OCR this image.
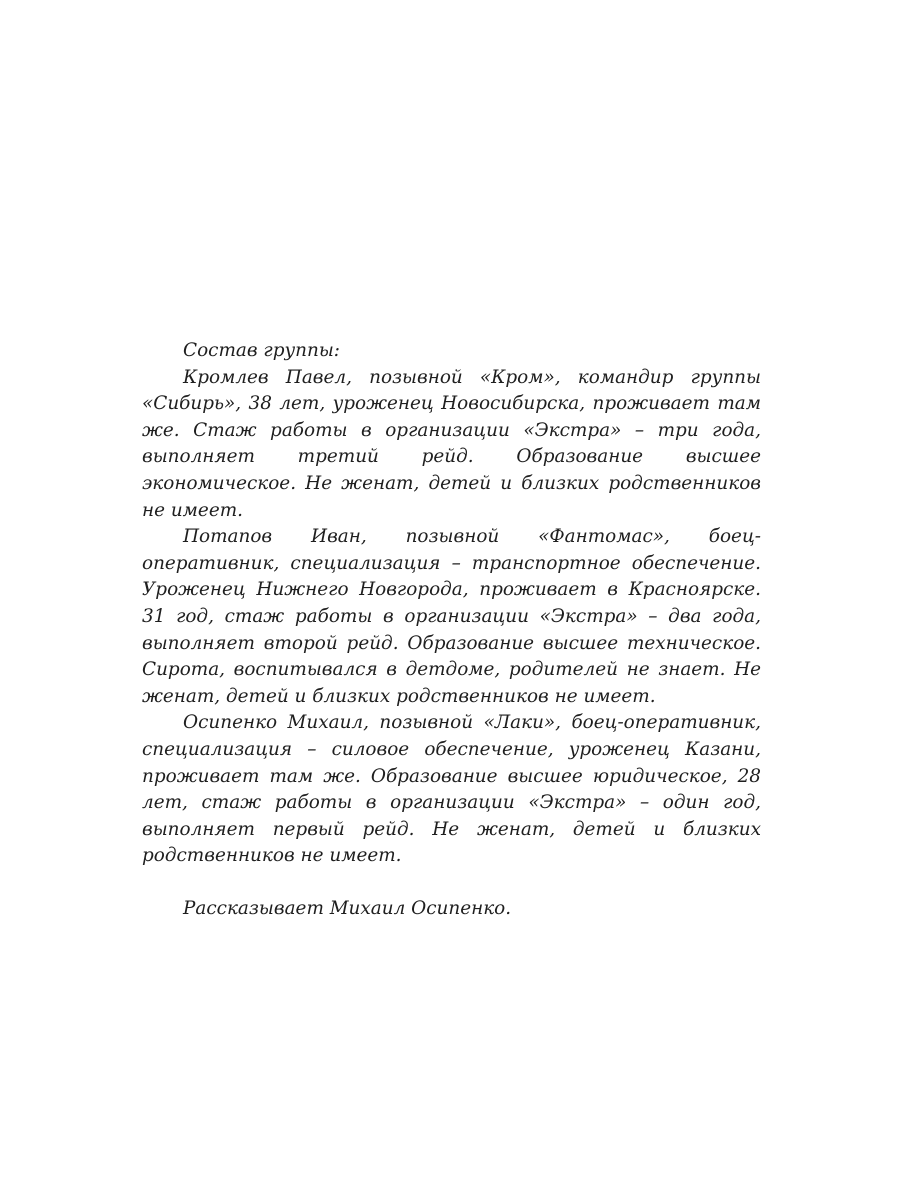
Состав группы:

Кромлев Павел, позывной «Кром», командир группы «Сибирь», 38 лет, уроженец Новосибирска, проживает там же. Стаж работы в организации «Экстра» – три года, выполняет третий рейд. Образование высшее экономическое. Не женат, детей и близких родственников не имеет.

Потапов Иван, позывной «Фантомас», боец-оперативник, специализация – транспортное обеспечение. Уроженец Нижнего Новгорода, проживает в Красноярске. 31 год, стаж работы в организации «Экстра» – два года, выполняет второй рейд. Образование высшее техническое. Сирота, воспитывался в детдоме, родителей не знает. Не женат, детей и близких родственников не имеет.

Осипенко Михаил, позывной «Лаки», боец-оперативник, специализация – силовое обеспечение, уроженец Казани, проживает там же. Образование высшее юридическое, 28 лет, стаж работы в организации «Экстра» – один год, выполняет первый рейд. Не женат, детей и близких родственников не имеет.

Рассказывает Михаил Осипенко.
